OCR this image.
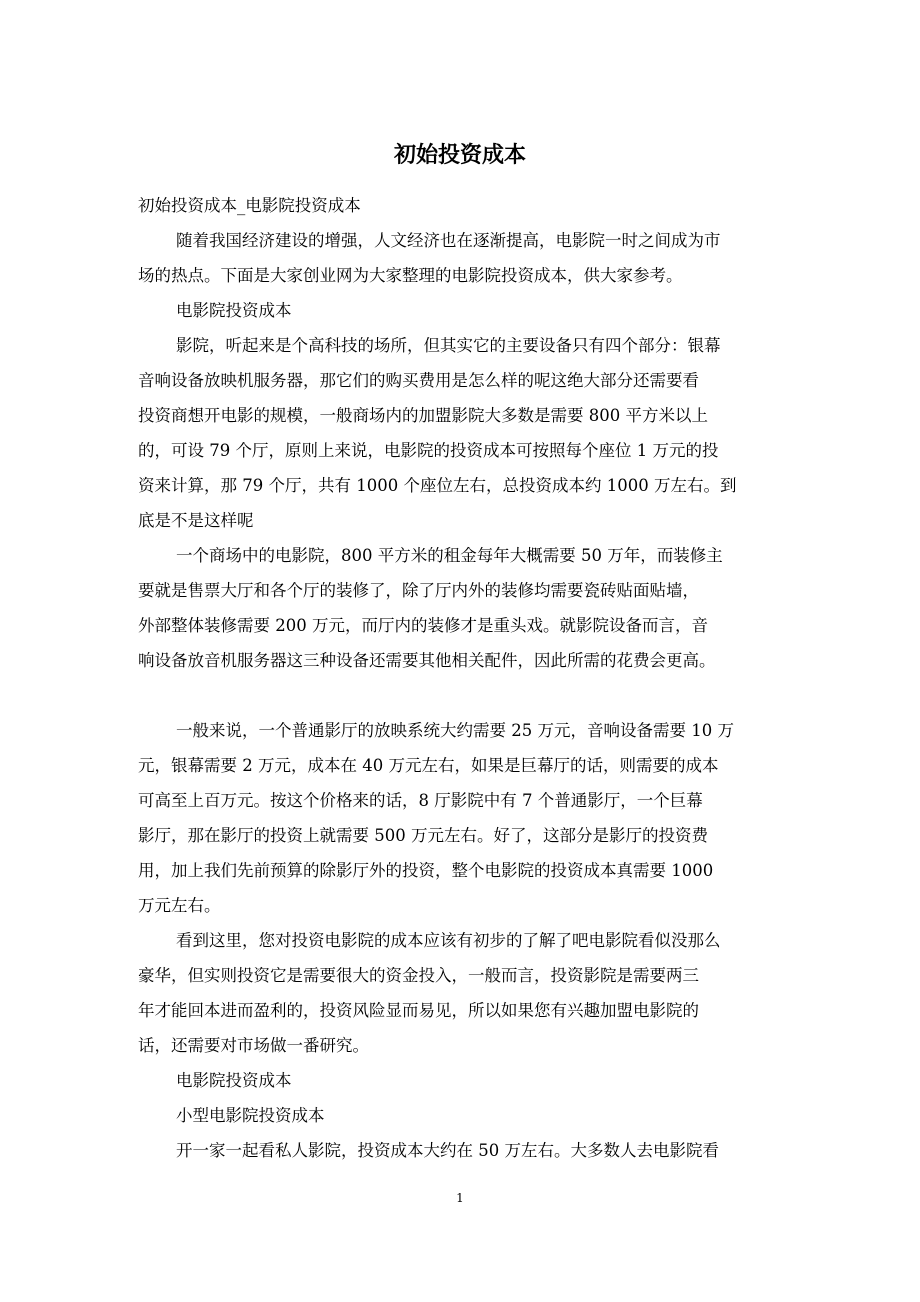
初始投资成本
初始投资成本_电影院投资成本
随着我国经济建设的增强，人文经济也在逐渐提高，电影院一时之间成为市
场的热点。下面是大家创业网为大家整理的电影院投资成本，供大家参考。
电影院投资成本
影院，听起来是个高科技的场所，但其实它的主要设备只有四个部分：银幕
音响设备放映机服务器，那它们的购买费用是怎么样的呢这绝大部分还需要看
投资商想开电影的规模，一般商场内的加盟影院大多数是需要 800 平方米以上
的，可设 79 个厅，原则上来说，电影院的投资成本可按照每个座位 1 万元的投
资来计算，那 79 个厅，共有 1000 个座位左右，总投资成本约 1000 万左右。到
底是不是这样呢
一个商场中的电影院，800 平方米的租金每年大概需要 50 万年，而装修主
要就是售票大厅和各个厅的装修了，除了厅内外的装修均需要瓷砖贴面贴墙，
外部整体装修需要 200 万元，而厅内的装修才是重头戏。就影院设备而言，音
响设备放音机服务器这三种设备还需要其他相关配件，因此所需的花费会更高。
一般来说，一个普通影厅的放映系统大约需要 25 万元，音响设备需要 10 万
元，银幕需要 2 万元，成本在 40 万元左右，如果是巨幕厅的话，则需要的成本
可高至上百万元。按这个价格来的话，8 厅影院中有 7 个普通影厅，一个巨幕
影厅，那在影厅的投资上就需要 500 万元左右。好了，这部分是影厅的投资费
用，加上我们先前预算的除影厅外的投资，整个电影院的投资成本真需要 1000
万元左右。
看到这里，您对投资电影院的成本应该有初步的了解了吧电影院看似没那么
豪华，但实则投资它是需要很大的资金投入，一般而言，投资影院是需要两三
年才能回本进而盈利的，投资风险显而易见，所以如果您有兴趣加盟电影院的
话，还需要对市场做一番研究。
电影院投资成本
小型电影院投资成本
开一家一起看私人影院，投资成本大约在 50 万左右。大多数人去电影院看
1
